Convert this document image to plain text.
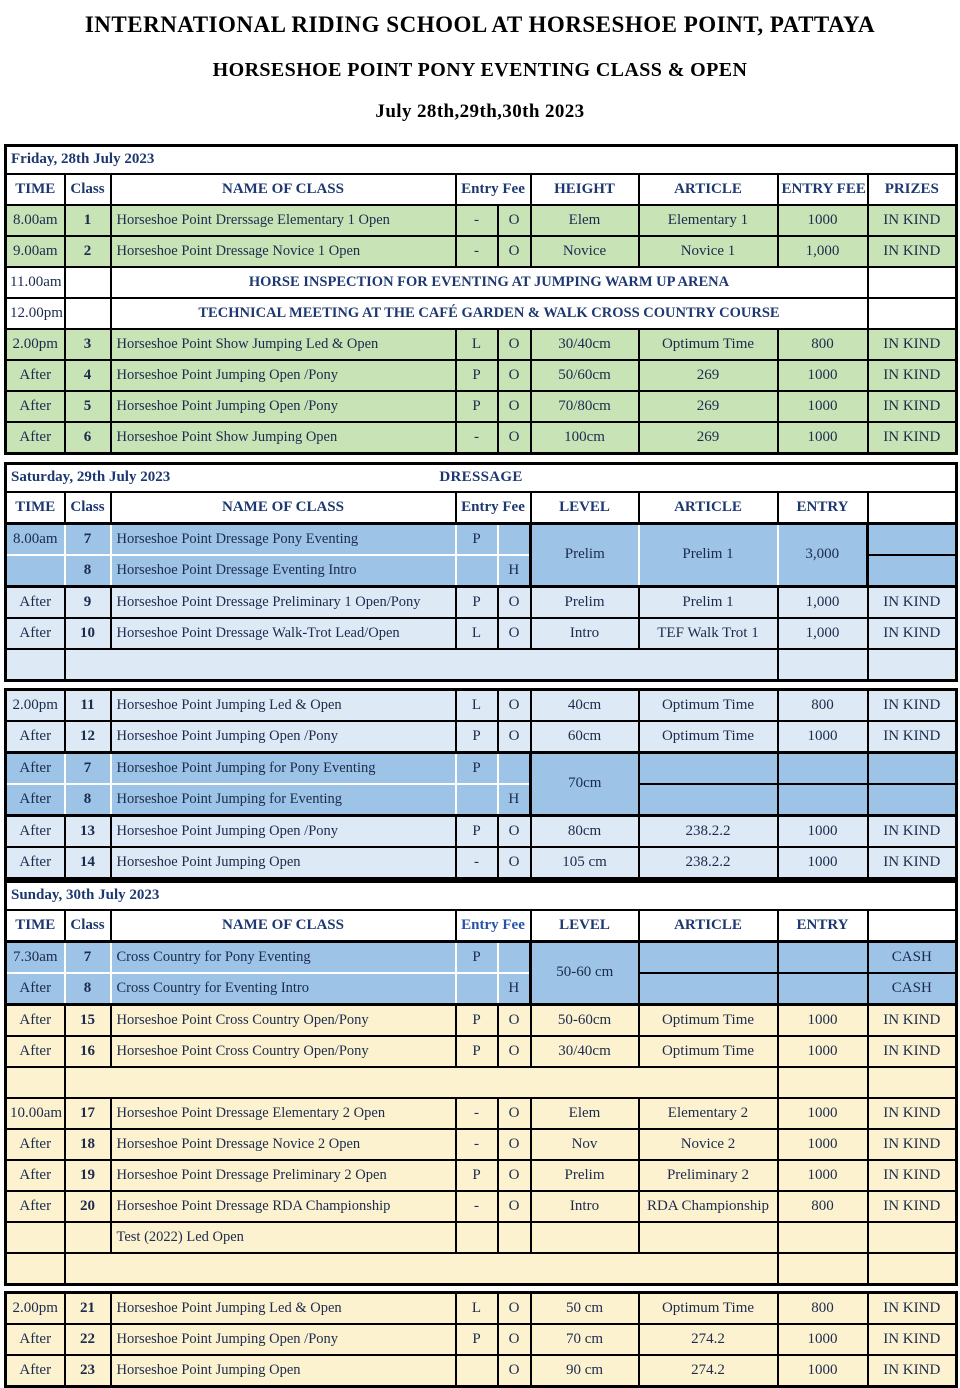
INTERNATIONAL RIDING SCHOOL AT HORSESHOE POINT, PATTAYA
HORSESHOE POINT PONY EVENTING CLASS & OPEN
July 28th,29th,30th 2023
Friday, 28th July 2023								
TIME	Class	NAME OF CLASS	Entry Fee		HEIGHT	ARTICLE	ENTRY FEE	PRIZES
8.00am	1	Horseshoe Point Drerssage Elementary 1 Open	-	O	Elem	Elementary 1	1000	IN KIND
9.00am	2	Horseshoe Point Dressage Novice 1 Open	-	O	Novice	Novice 1	1,000	IN KIND
11.00am		HORSE INSPECTION FOR EVENTING AT JUMPING WARM UP ARENA						
12.00pm		TECHNICAL MEETING AT THE CAFÉ GARDEN & WALK CROSS COUNTRY COURSE						
2.00pm	3	Horseshoe Point Show Jumping Led & Open	L	O	30/40cm	Optimum Time	800	IN KIND
After	4	Horseshoe Point Jumping Open /Pony	P	O	50/60cm	269	1000	IN KIND
After	5	Horseshoe Point Jumping Open /Pony	P	O	70/80cm	269	1000	IN KIND
After	6	Horseshoe Point Show Jumping Open	-	O	100cm	269	1000	IN KIND
Saturday, 29th July 2023 DRESSAGE								

TIME	Class	NAME OF CLASS	Entry Fee		LEVEL	ARTICLE	ENTRY	
8.00am	7	Horseshoe Point Dressage Pony Eventing	P		Prelim	Prelim 1	3,000	
	8	Horseshoe Point Dressage Eventing Intro		H				
After	9	Horseshoe Point Dressage Preliminary 1 Open/Pony	P	O	Prelim	Prelim 1	1,000	IN KIND
After	10	Horseshoe Point Dressage Walk-Trot Lead/Open	L	O	Intro	TEF Walk Trot 1	1,000	IN KIND

2.00pm	11	Horseshoe Point Jumping Led & Open	L	O	40cm	Optimum Time	800	IN KIND
After	12	Horseshoe Point Jumping Open /Pony	P	O	60cm	Optimum Time	1000	IN KIND
After	7	Horseshoe Point Jumping for Pony Eventing	P		70cm			
After	8	Horseshoe Point Jumping for Eventing		H				
After	13	Horseshoe Point Jumping Open /Pony	P	O	80cm	238.2.2	1000	IN KIND
After	14	Horseshoe Point Jumping Open	-	O	105 cm	238.2.2	1000	IN KIND
Sunday, 30th July 2023								
TIME	Class	NAME OF CLASS	Entry Fee		LEVEL	ARTICLE	ENTRY	
7.30am	7	Cross Country for Pony Eventing	P		50-60 cm			CASH
After	8	Cross Country for Eventing Intro		H				CASH
After	15	Horseshoe Point Cross Country Open/Pony	P	O	50-60cm	Optimum Time	1000	IN KIND
After	16	Horseshoe Point Cross Country Open/Pony	P	O	30/40cm	Optimum Time	1000	IN KIND

10.00am	17	Horseshoe Point Dressage Elementary 2 Open	-	O	Elem	Elementary 2	1000	IN KIND
After	18	Horseshoe Point Dressage Novice 2 Open	-	O	Nov	Novice 2	1000	IN KIND
After	19	Horseshoe Point Dressage Preliminary 2 Open	P	O	Prelim	Preliminary 2	1000	IN KIND
After	20	Horseshoe Point Dressage RDA Championship	-	O	Intro	RDA Championship	800	IN KIND
		Test (2022) Led Open						

2.00pm	21	Horseshoe Point Jumping Led & Open	L	O	50 cm	Optimum Time	800	IN KIND
After	22	Horseshoe Point Jumping Open /Pony	P	O	70 cm	274.2	1000	IN KIND
After	23	Horseshoe Point Jumping Open		O	90 cm	274.2	1000	IN KIND
